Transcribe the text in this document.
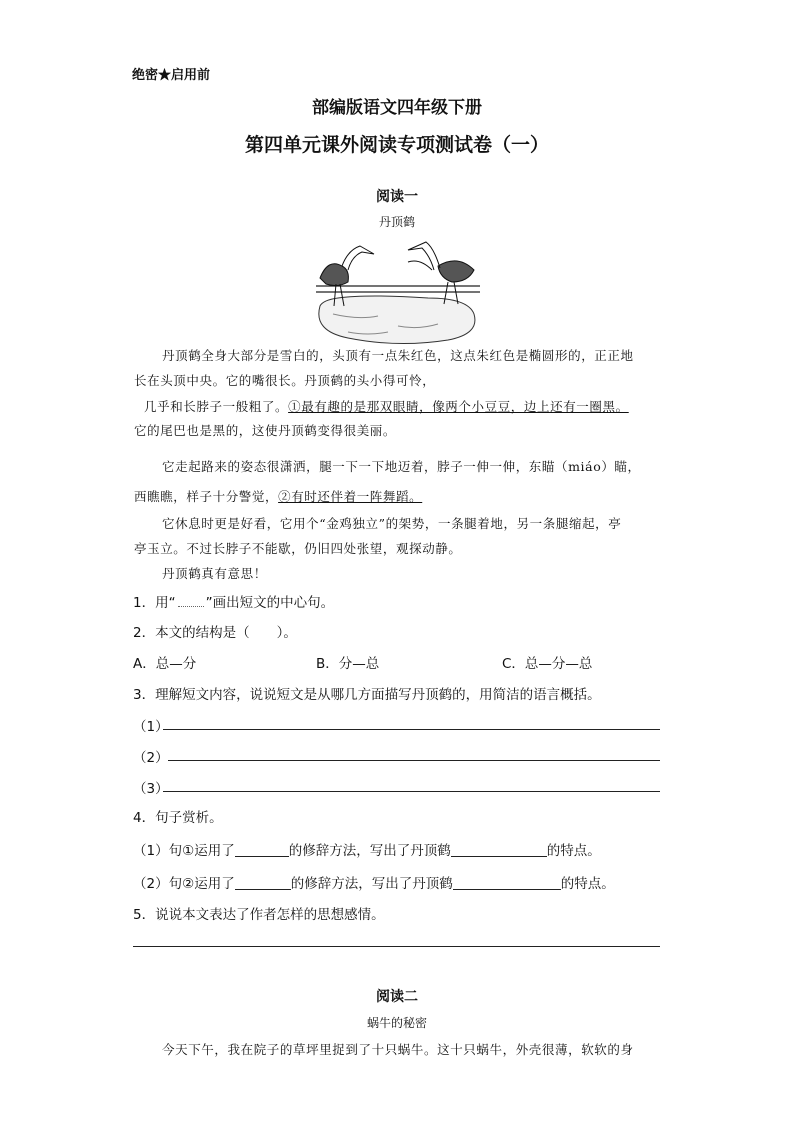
绝密★启用前
部编版语文四年级下册
第四单元课外阅读专项测试卷（一）
阅读一
丹顶鹤
丹顶鹤全身大部分是雪白的，头顶有一点朱红色，这点朱红色是椭圆形的，正正地
长在头顶中央。它的嘴很长。丹顶鹤的头小得可怜，
几乎和长脖子一般粗了。①最有趣的是那双眼睛，像两个小豆豆，边上还有一圈黑。
它的尾巴也是黑的，这使丹顶鹤变得很美丽。
它走起路来的姿态很潇洒，腿一下一下地迈着，脖子一伸一伸，东瞄（miáo）瞄，
西瞧瞧，样子十分警觉，②有时还伴着一阵舞蹈。
它休息时更是好看，它用个“金鸡独立”的架势，一条腿着地，另一条腿缩起，亭
亭玉立。不过长脖子不能歇，仍旧四处张望，观探动静。
丹顶鹤真有意思！
1．用“ ”画出短文的中心句。
2．本文的结构是（　　）。
A．总—分	B．分—总	C．总—分—总
3．理解短文内容，说说短文是从哪几方面描写丹顶鹤的，用简洁的语言概括。
（1）
（2）
（3）
4．句子赏析。
（1）句①运用了	的修辞方法，写出了丹顶鹤	的特点。
（2）句②运用了	的修辞方法，写出了丹顶鹤	的特点。
5．说说本文表达了作者怎样的思想感情。
阅读二
蜗牛的秘密
今天下午，我在院子的草坪里捉到了十只蜗牛。这十只蜗牛，外壳很薄，软软的身
